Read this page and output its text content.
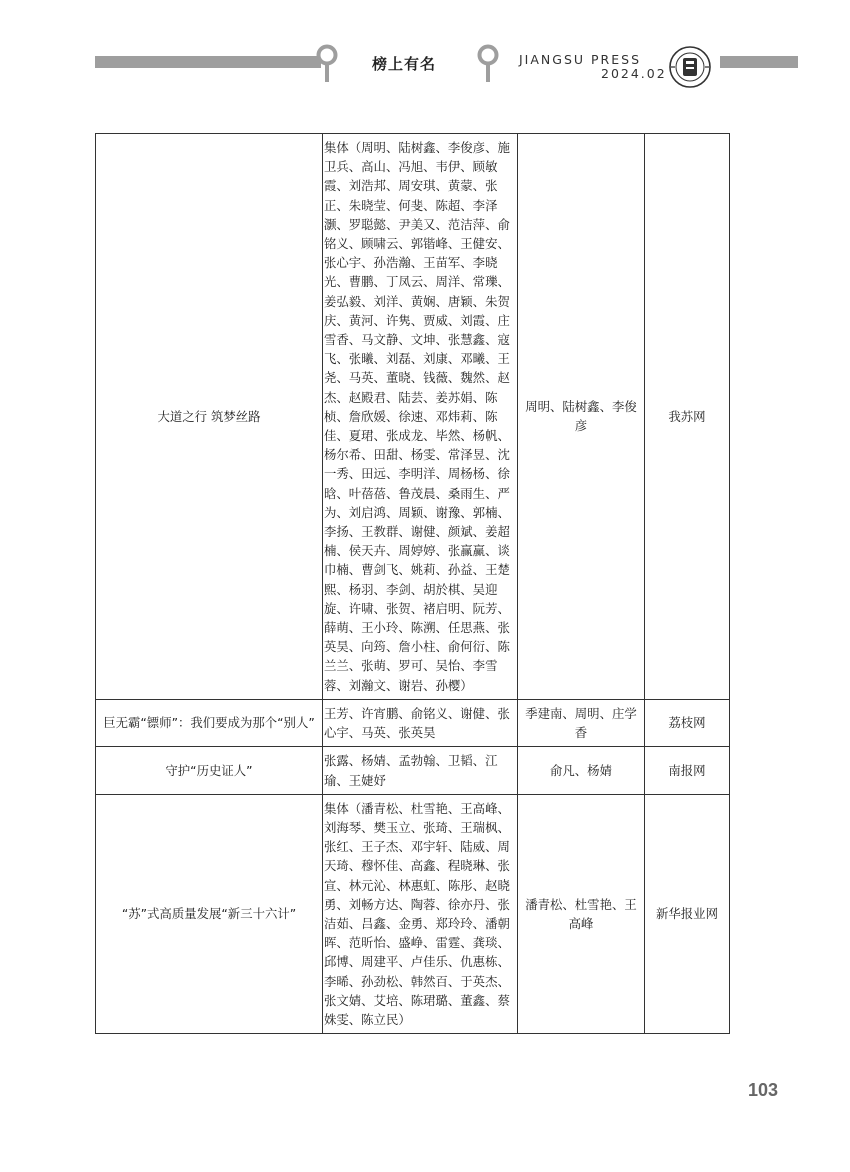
榜上有名	JIANGSU PRESS
2024.02
大道之行 筑梦丝路	集体（周明、陆树鑫、李俊彦、施卫兵、高山、冯旭、韦伊、顾敏霞、刘浩邦、周安琪、黄蒙、张正、朱晓莹、何斐、陈超、李泽灏、罗聪懿、尹美又、范洁萍、俞铭义、顾啸云、郭锴峰、王健安、张心宇、孙浩瀚、王苗军、李晓光、曹鹏、丁凤云、周洋、常瓅、姜弘毅、刘洋、黄娴、唐颖、朱贺庆、黄河、许隽、贾威、刘霞、庄雪香、马文静、文坤、张慧鑫、寇飞、张曦、刘磊、刘康、邓曦、王尧、马英、董晓、钱薇、魏然、赵杰、赵殿君、陆芸、姜苏娟、陈桢、詹欣媛、徐速、邓炜莉、陈佳、夏珺、张成龙、毕然、杨帆、杨尔希、田甜、杨雯、常泽昱、沈一秀、田远、李明洋、周杨杨、徐晗、叶蓓蓓、鲁茂晨、桑雨生、严为、刘启鸿、周颖、谢豫、郭楠、李扬、王教群、谢健、颜斌、姜超楠、侯天卉、周婷婷、张赢赢、谈巾楠、曹剑飞、姚莉、孙益、王楚熙、杨羽、李剑、胡於棋、吴迎旋、许啸、张贺、褚启明、阮芳、薛萌、王小玲、陈溯、任思燕、张英昊、向筠、詹小柱、俞何衍、陈兰兰、张萌、罗可、吴怡、李雪蓉、刘瀚文、谢岩、孙樱）	周明、陆树鑫、李俊彦	我苏网
巨无霸“镖师”：我们要成为那个“别人”	王芳、许宵鹏、俞铭义、谢健、张心宇、马英、张英昊	季建南、周明、庄学香	荔枝网
守护“历史证人”	张露、杨婧、孟勃翰、卫韬、江瑜、王婕妤	俞凡、杨婧	南报网
“苏”式高质量发展“新三十六计”	集体（潘青松、杜雪艳、王高峰、刘海琴、樊玉立、张琦、王瑞枫、张红、王子杰、邓宇轩、陆威、周天琦、穆怀佳、高鑫、程晓琳、张宣、林元沁、林惠虹、陈彤、赵晓勇、刘畅方达、陶蓉、徐亦丹、张洁茹、吕鑫、金勇、郑玲玲、潘朝晖、范昕怡、盛峥、雷霆、龚琰、邱博、周建平、卢佳乐、仇惠栋、李晞、孙劲松、韩然百、于英杰、张文婧、艾培、陈珺璐、董鑫、蔡姝雯、陈立民）	潘青松、杜雪艳、王高峰	新华报业网
103
